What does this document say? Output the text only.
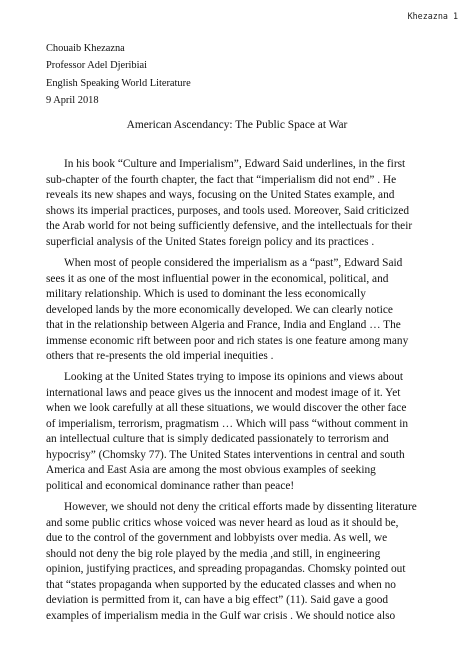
Khezazna 1
Chouaib Khezazna
Professor Adel Djeribiai
English Speaking World Literature
9 April 2018
American Ascendancy: The Public Space at War
In his book “Culture and Imperialism”, Edward Said underlines, in the first
sub-chapter of the fourth chapter, the fact that “imperialism did not end” . He
reveals its new shapes and ways, focusing on the United States example, and
shows its imperial practices, purposes, and tools used. Moreover, Said criticized
the Arab world for not being sufficiently defensive, and the intellectuals for their
superficial analysis of the United States foreign policy and its practices .
When most of people considered the imperialism as a “past”, Edward Said
sees it as one of the most influential power in the economical, political, and
military relationship. Which is used to dominant the less economically
developed lands by the more economically developed. We can clearly notice
that in the relationship between Algeria and France, India and England … The
immense economic rift between poor and rich states is one feature among many
others that re-presents the old imperial inequities .
Looking at the United States trying to impose its opinions and views about
international laws and peace gives us the innocent and modest image of it. Yet
when we look carefully at all these situations, we would discover the other face
of imperialism, terrorism, pragmatism … Which will pass “without comment in
an intellectual culture that is simply dedicated passionately to terrorism and
hypocrisy” (Chomsky 77). The United States interventions in central and south
America and East Asia are among the most obvious examples of seeking
political and economical dominance rather than peace!
However, we should not deny the critical efforts made by dissenting literature
and some public critics whose voiced was never heard as loud as it should be,
due to the control of the government and lobbyists over media. As well, we
should not deny the big role played by the media ,and still, in engineering
opinion, justifying practices, and spreading propagandas. Chomsky pointed out
that “states propaganda when supported by the educated classes and when no
deviation is permitted from it, can have a big effect” (11). Said gave a good
examples of imperialism media in the Gulf war crisis . We should notice also
